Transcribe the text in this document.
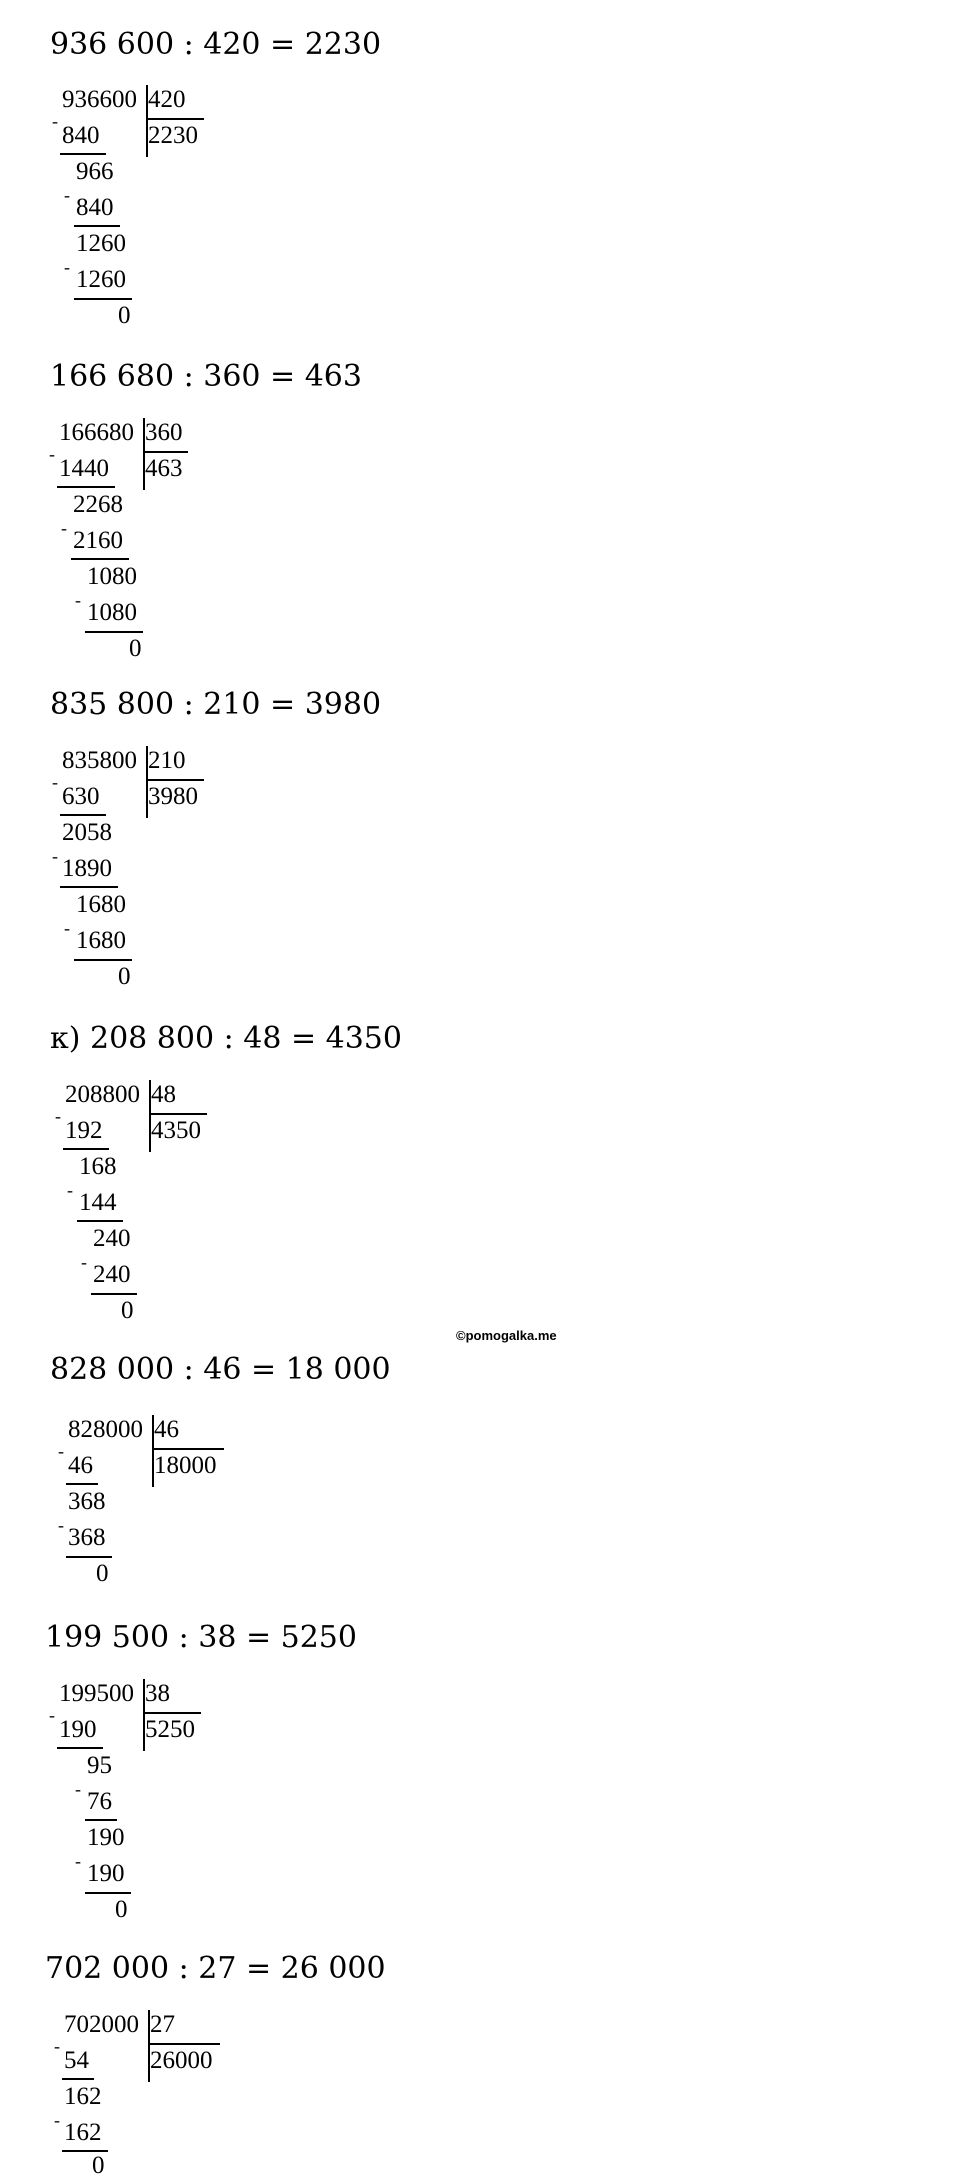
936 600 : 420 = 2230
936600 420
2230
-
840
966
- 840
1260
- 1260
0
166 680 : 360 = 463
166680 360
463
-
1440
2268
- 2160
1080
- 1080
0
835 800 : 210 = 3980
835800 210
3980
-
630
2058
- 1890
1680
- 1680
0
к) 208 800 : 48 = 4350
208800 48
4350
-
192
168
- 144
240
- 240
0
©pomogalka.me
828 000 : 46 = 18 000
828000 46
18000
-
46
368
- 368
0
199 500 : 38 = 5250
199500 38
5250
-
190
95
- 76
190
- 190
0
702 000 : 27 = 26 000
702000 27
26000
-
54
162
- 162
0
